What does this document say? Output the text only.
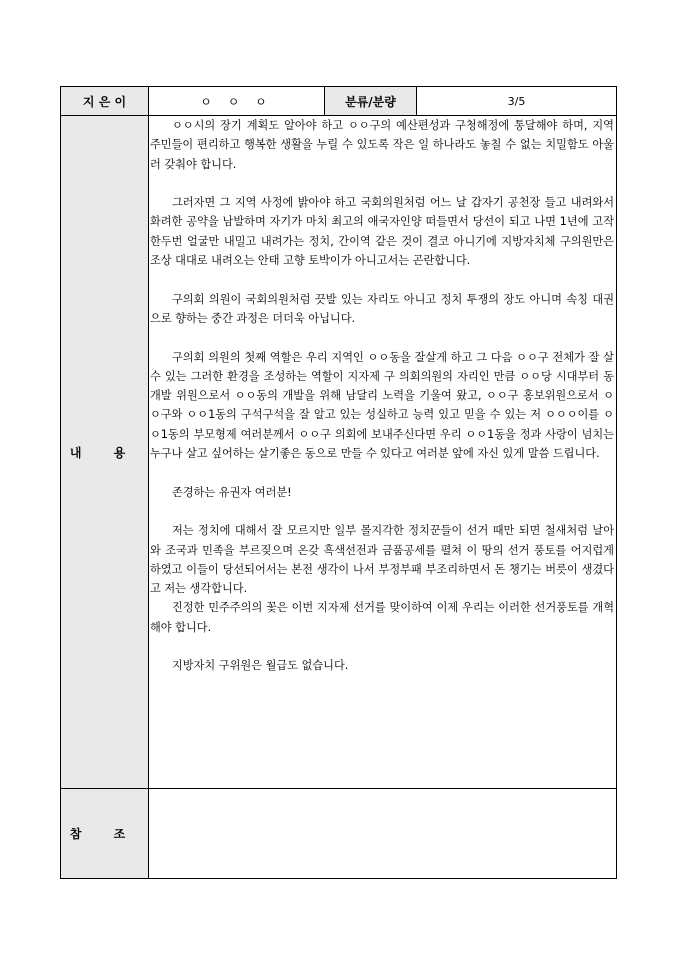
지 은 이	ㅇ ㅇ ㅇ	분류/분량	3/5
내 용

ㅇㅇ시의 장기 계획도 알아야 하고 ㅇㅇ구의 예산편성과 구청해정에 통달해야 하며, 지역 주민들이 편리하고 행복한 생활을 누릴 수 있도록 작은 일 하나라도 놓칠 수 없는 치밀함도 아울러 갖춰야 합니다.

그러자면 그 지역 사정에 밝아야 하고 국회의원처럼 어느 날 갑자기 공천장 들고 내려와서 화려한 공약을 남발하며 자기가 마치 최고의 애국자인양 떠들면서 당선이 되고 나면 1년에 고작 한두번 얼굴만 내밀고 내려가는 정치, 간이역 같은 것이 결코 아니기에 지방자치체 구의원만은 조상 대대로 내려오는 안태 고향 토박이가 아니고서는 곤란합니다.

구의회 의원이 국회의원처럼 끗발 있는 자리도 아니고 정치 투쟁의 장도 아니며 속칭 대권으로 향하는 중간 과정은 더더욱 아닙니다.

구의회 의원의 첫째 역할은 우리 지역인 ㅇㅇ동을 잘살게 하고 그 다음 ㅇㅇ구 전체가 잘 살수 있는 그러한 환경을 조성하는 역할이 지자제 구 의회의원의 자리인 만큼 ㅇㅇ당 시대부터 동 개발 위원으로서 ㅇㅇ동의 개발을 위해 남달리 노력을 기울여 왔고, ㅇㅇ구 홍보위원으로서 ㅇㅇ구와 ㅇㅇ1동의 구석구석을 잘 알고 있는 성실하고 능력 있고 믿을 수 있는 저 ㅇㅇㅇ이를 ㅇㅇ1동의 부모형제 여러분께서 ㅇㅇ구 의회에 보내주신다면 우리 ㅇㅇ1동을 정과 사랑이 넘치는 누구나 살고 싶어하는 살기좋은 동으로 만들 수 있다고 여러분 앞에 자신 있게 말씀 드립니다.

존경하는 유권자 여러분!

저는 정치에 대해서 잘 모르지만 일부 몰지각한 정치꾼들이 선거 때만 되면 철새처럼 날아와 조국과 민족을 부르짖으며 온갖 흑색선전과 금품공세를 펼쳐 이 땅의 선거 풍토를 어지럽게 하였고 이들이 당선되어서는 본전 생각이 나서 부정부패 부조리하면서 돈 챙기는 버릇이 생겼다고 저는 생각합니다.

진정한 민주주의의 꽃은 이번 지자제 선거를 맞이하여 이제 우리는 이러한 선거풍토를 개혁해야 합니다.

지방자치 구위원은 월급도 없습니다.

참 조
